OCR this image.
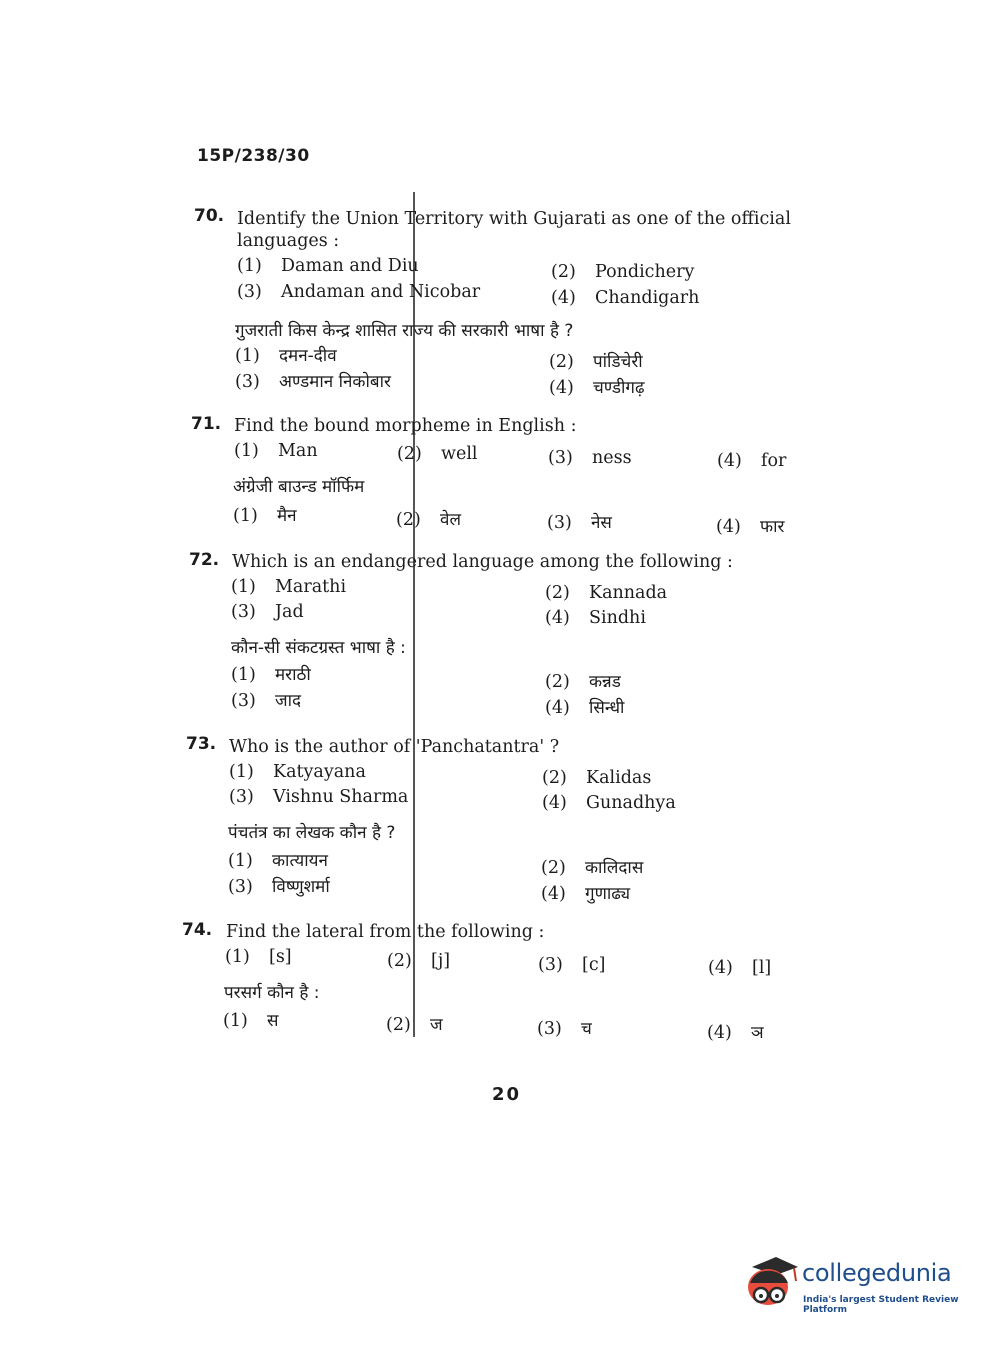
15P/238/30
70. Identify the Union Territory with Gujarati as one of the official
languages :
(1) Daman and Diu	(2) Pondichery
(3) Andaman and Nicobar	(4) Chandigarh
गुजराती किस केन्द्र शासित राज्य की सरकारी भाषा है ?
(1) दमन-दीव	(2) पांडिचेरी
(3) अण्डमान निकोबार	(4) चण्डीगढ़
71. Find the bound morpheme in English :
(1) Man	(2) well	(3) ness	(4) for
अंग्रेजी बाउन्ड मॉर्फिम
(1) मैन	(2) वेल	(3) नेस	(4) फार
72. Which is an endangered language among the following :
(1) Marathi	(2) Kannada
(3) Jad	(4) Sindhi
कौन-सी संकटग्रस्त भाषा है :
(1) मराठी	(2) कन्नड
(3) जाद	(4) सिन्धी
73. Who is the author of 'Panchatantra' ?
(1) Katyayana	(2) Kalidas
(3) Vishnu Sharma	(4) Gunadhya
पंचतंत्र का लेखक कौन है ?
(1) कात्यायन	(2) कालिदास
(3) विष्णुशर्मा	(4) गुणाढ्य
74. Find the lateral from the following :
(1) [s]	(2) [j]	(3) [c]	(4) [l]
परसर्ग कौन है :
(1) स	(2) ज	(3) च	(4) ञ
20
collegedunia
India's largest Student Review Platform
